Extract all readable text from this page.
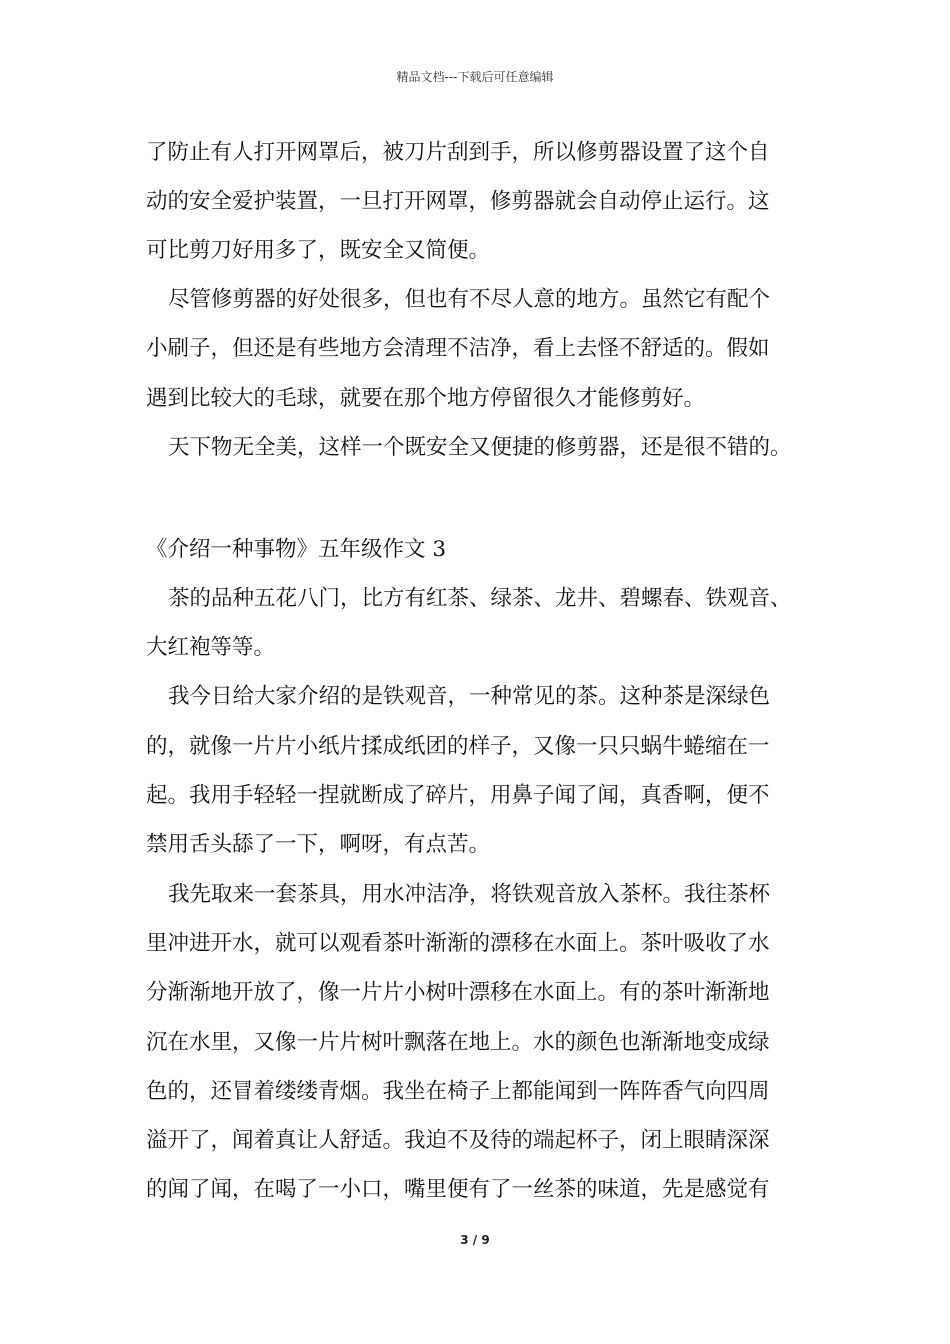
精品文档---下载后可任意编辑
了防止有人打开网罩后，被刀片刮到手，所以修剪器设置了这个自
动的安全爱护装置，一旦打开网罩，修剪器就会自动停止运行。这
可比剪刀好用多了，既安全又简便。
尽管修剪器的好处很多，但也有不尽人意的地方。虽然它有配个
小刷子，但还是有些地方会清理不洁净，看上去怪不舒适的。假如
遇到比较大的毛球，就要在那个地方停留很久才能修剪好。
天下物无全美，这样一个既安全又便捷的修剪器，还是很不错的。
《介绍一种事物》五年级作文 3
茶的品种五花八门，比方有红茶、绿茶、龙井、碧螺春、铁观音、
大红袍等等。
我今日给大家介绍的是铁观音，一种常见的茶。这种茶是深绿色
的，就像一片片小纸片揉成纸团的样子，又像一只只蜗牛蜷缩在一
起。我用手轻轻一捏就断成了碎片，用鼻子闻了闻，真香啊，便不
禁用舌头舔了一下，啊呀，有点苦。
我先取来一套茶具，用水冲洁净，将铁观音放入茶杯。我往茶杯
里冲进开水，就可以观看茶叶渐渐的漂移在水面上。茶叶吸收了水
分渐渐地开放了，像一片片小树叶漂移在水面上。有的茶叶渐渐地
沉在水里，又像一片片树叶飘落在地上。水的颜色也渐渐地变成绿
色的，还冒着缕缕青烟。我坐在椅子上都能闻到一阵阵香气向四周
溢开了，闻着真让人舒适。我迫不及待的端起杯子，闭上眼睛深深
的闻了闻，在喝了一小口，嘴里便有了一丝茶的味道，先是感觉有
3 / 9
